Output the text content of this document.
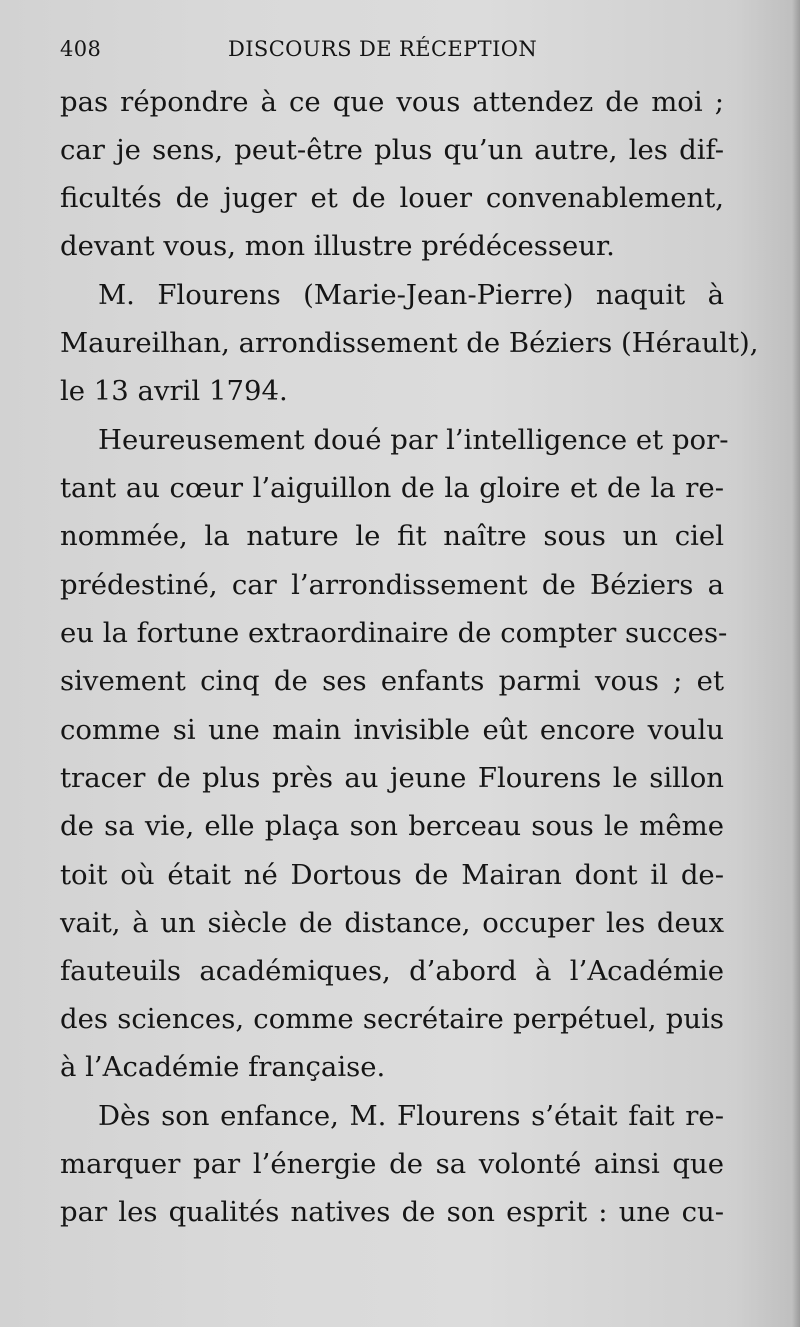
408	DISCOURS DE RÉCEPTION
pas répondre à ce que vous attendez de moi ;
car je sens, peut-être plus qu’un autre, les dif-
ficultés de juger et de louer convenablement,
devant vous, mon illustre prédécesseur.
M. Flourens (Marie-Jean-Pierre) naquit à
Maureilhan, arrondissement de Béziers (Hérault),
le 13 avril 1794.
Heureusement doué par l’intelligence et por-
tant au cœur l’aiguillon de la gloire et de la re-
nommée, la nature le fit naître sous un ciel
prédestiné, car l’arrondissement de Béziers a
eu la fortune extraordinaire de compter succes-
sivement cinq de ses enfants parmi vous ; et
comme si une main invisible eût encore voulu
tracer de plus près au jeune Flourens le sillon
de sa vie, elle plaça son berceau sous le même
toit où était né Dortous de Mairan dont il de-
vait, à un siècle de distance, occuper les deux
fauteuils académiques, d’abord à l’Académie
des sciences, comme secrétaire perpétuel, puis
à l’Académie française.
Dès son enfance, M. Flourens s’était fait re-
marquer par l’énergie de sa volonté ainsi que
par les qualités natives de son esprit : une cu-
